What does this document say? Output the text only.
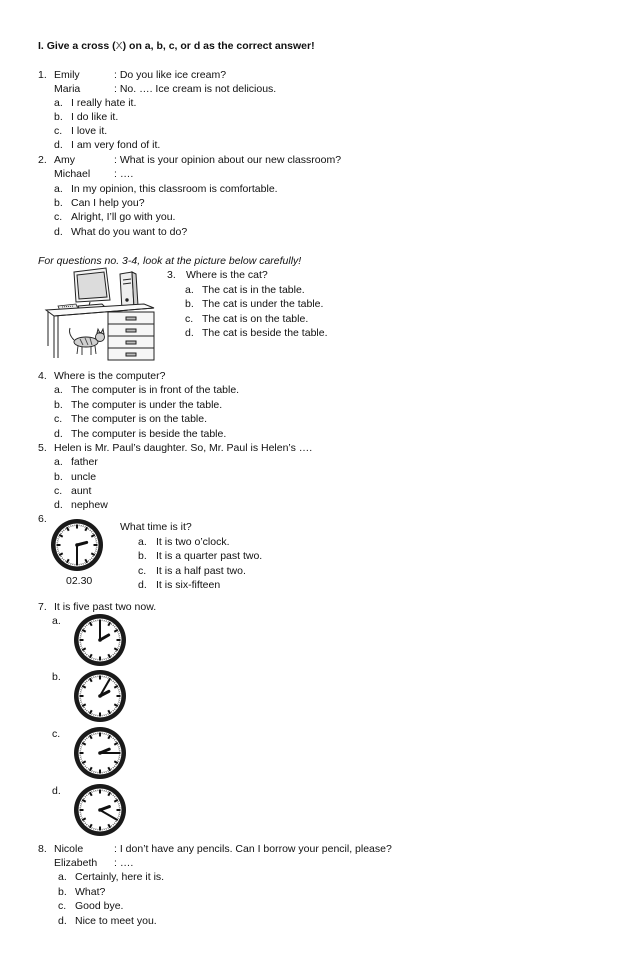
I. Give a cross (X) on a, b, c, or d as the correct answer!
1. Emily	: Do you like ice cream?
Maria	: No. …. Ice cream is not delicious.
a. I really hate it.
b. I do like it.
c. I love it.
d. I am very fond of it.
2. Amy	: What is your opinion about our new classroom?
Michael : ….
a. In my opinion, this classroom is comfortable.
b. Can I help you?
c. Alright, I’ll go with you.
d. What do you want to do?
For questions no. 3-4, look at the picture below carefully!
3. Where is the cat?
a. The cat is in the table.
b. The cat is under the table.
c. The cat is on the table.
d. The cat is beside the table.
4. Where is the computer?
a. The computer is in front of the table.
b. The computer is under the table.
c. The computer is on the table.
d. The computer is beside the table.
5. Helen is Mr. Paul’s daughter. So, Mr. Paul is Helen’s ….
a. father
b. uncle
c. aunt
d. nephew
6.
02.30
What time is it?
a. It is two o’clock.
b. It is a quarter past two.
c. It is a half past two.
d. It is six-fifteen
7. It is five past two now.
a.
b.
c.
d.
8. Nicole	: I don’t have any pencils. Can I borrow your pencil, please?
Elizabeth : ….
a. Certainly, here it is.
b. What?
c. Good bye.
d. Nice to meet you.
